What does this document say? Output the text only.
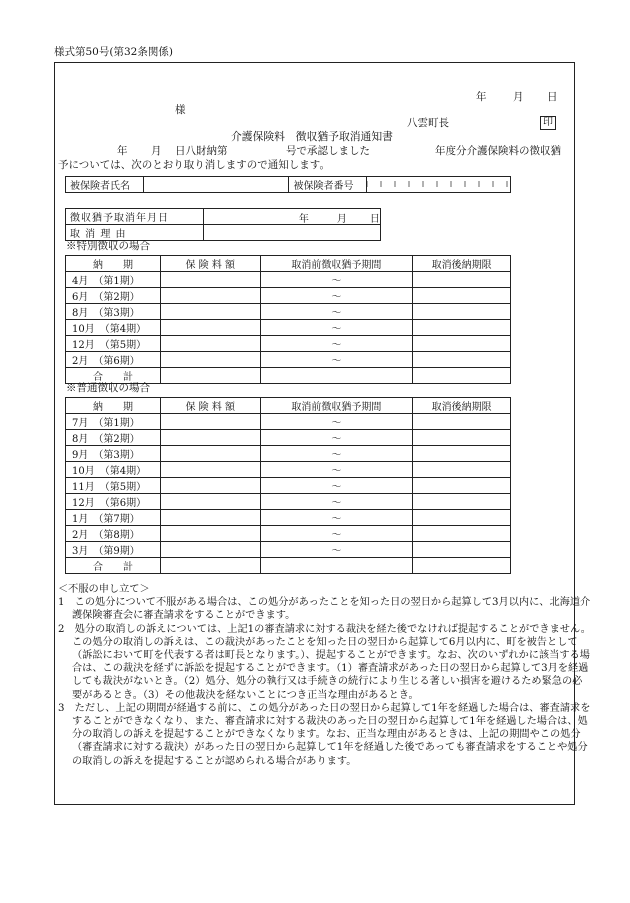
様式第50号(第32条関係)
年	月 日
様
八雲町長	印
介護保険料　徴収猶予取消通知書
年 月 日八財納第	号で承認しました	年度分介護保険料の徴収猶
予については、次のとおり取り消しますので通知します。
被保険者氏名		被保険者番号	
徴収猶予取消年月日	年 月 日

取 消 理 由	
※特別徴収の場合
納　　期	保 険 料 額	取消前徴収猶予期間	取消後納期限
4月　（第1期）		～	
6月　（第2期）		～	
8月　（第3期）		～	
10月　（第4期）		～	
12月　（第5期）		～	
2月　（第6期）		～	
合　　計			
※普通徴収の場合
納　　期	保 険 料 額	取消前徴収猶予期間	取消後納期限
7月　（第1期）		～	
8月　（第2期）		～	
9月　（第3期）		～	
10月　（第4期）		～	
11月　（第5期）		～	
12月　（第6期）		～	
1月　（第7期）		～	
2月　（第8期）		～	
3月　（第9期）		～	
合　　計			

＜不服の申し立て＞

1　この処分について不服がある場合は、この処分があったことを知った日の翌日から起算して3月以内に、北海道介護保険審査会に審査請求をすることができます。

2　処分の取消しの訴えについては、上記1の審査請求に対する裁決を経た後でなければ提起することができません。この処分の取消しの訴えは、この裁決があったことを知った日の翌日から起算して6月以内に、町を被告として（訴訟において町を代表する者は町長となります。）、提起することができます。なお、次のいずれかに該当する場合は、この裁決を経ずに訴訟を提起することができます。（1）審査請求があった日の翌日から起算して3月を経過しても裁決がないとき。（2）処分、処分の執行又は手続きの続行により生じる著しい損害を避けるため緊急の必要があるとき。（3）その他裁決を経ないことにつき正当な理由があるとき。

3　ただし、上記の期間が経過する前に、この処分があった日の翌日から起算して1年を経過した場合は、審査請求をすることができなくなり、また、審査請求に対する裁決のあった日の翌日から起算して1年を経過した場合は、処分の取消しの訴えを提起することができなくなります。なお、正当な理由があるときは、上記の期間やこの処分（審査請求に対する裁決）があった日の翌日から起算して1年を経過した後であっても審査請求をすることや処分の取消しの訴えを提起することが認められる場合があります。
